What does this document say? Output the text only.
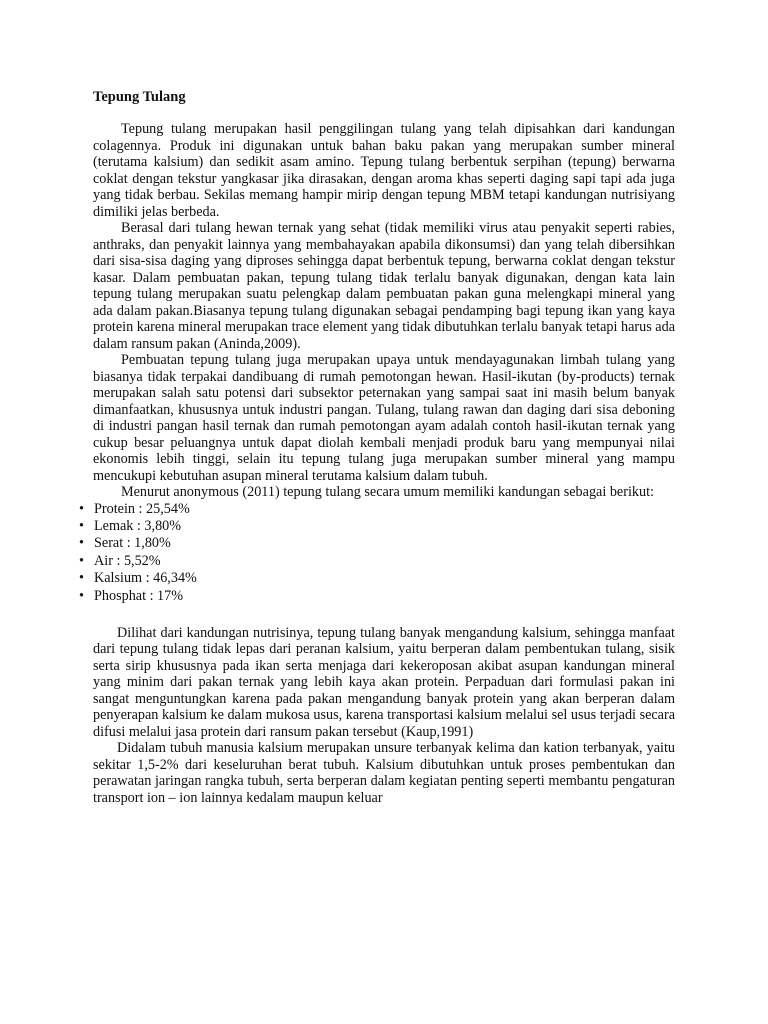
Tepung Tulang

Tepung tulang merupakan hasil penggilingan tulang yang telah dipisahkan dari kandungan colagennya. Produk ini digunakan untuk bahan baku pakan yang merupakan sumber mineral (terutama kalsium) dan sedikit asam amino. Tepung tulang berbentuk serpihan (tepung) berwarna coklat dengan tekstur yangkasar jika dirasakan, dengan aroma khas seperti daging sapi tapi ada juga yang tidak berbau. Sekilas memang hampir mirip dengan tepung MBM tetapi kandungan nutrisiyang dimiliki jelas berbeda.

Berasal dari tulang hewan ternak yang sehat (tidak memiliki virus atau penyakit seperti rabies, anthraks, dan penyakit lainnya yang membahayakan apabila dikonsumsi) dan yang telah dibersihkan dari sisa-sisa daging yang diproses sehingga dapat berbentuk tepung, berwarna coklat dengan tekstur kasar. Dalam pembuatan pakan, tepung tulang tidak terlalu banyak digunakan, dengan kata lain tepung tulang merupakan suatu pelengkap dalam pembuatan pakan guna melengkapi mineral yang ada dalam pakan.Biasanya tepung tulang digunakan sebagai pendamping bagi tepung ikan yang kaya protein karena mineral merupakan trace element yang tidak dibutuhkan terlalu banyak tetapi harus ada dalam ransum pakan (Aninda,2009).

Pembuatan tepung tulang juga merupakan upaya untuk mendayagunakan limbah tulang yang biasanya tidak terpakai dandibuang di rumah pemotongan hewan. Hasil-ikutan (by-products) ternak merupakan salah satu potensi dari subsektor peternakan yang sampai saat ini masih belum banyak dimanfaatkan, khususnya untuk industri pangan. Tulang, tulang rawan dan daging dari sisa deboning di industri pangan hasil ternak dan rumah pemotongan ayam adalah contoh hasil-ikutan ternak yang cukup besar peluangnya untuk dapat diolah kembali menjadi produk baru yang mempunyai nilai ekonomis lebih tinggi, selain itu tepung tulang juga merupakan sumber mineral yang mampu mencukupi kebutuhan asupan mineral terutama kalsium dalam tubuh.

Menurut anonymous (2011) tepung tulang secara umum memiliki kandungan sebagai berikut:

• Protein : 25,54%
• Lemak : 3,80%
• Serat : 1,80%
• Air : 5,52%
• Kalsium : 46,34%
• Phosphat : 17%

Dilihat dari kandungan nutrisinya, tepung tulang banyak mengandung kalsium, sehingga manfaat dari tepung tulang tidak lepas dari peranan kalsium, yaitu berperan dalam pembentukan tulang, sisik serta sirip khususnya pada ikan serta menjaga dari kekeroposan akibat asupan kandungan mineral yang minim dari pakan ternak yang lebih kaya akan protein. Perpaduan dari formulasi pakan ini sangat menguntungkan karena pada pakan mengandung banyak protein yang akan berperan dalam penyerapan kalsium ke dalam mukosa usus, karena transportasi kalsium melalui sel usus terjadi secara difusi melalui jasa protein dari ransum pakan tersebut (Kaup,1991)

Didalam tubuh manusia kalsium merupakan unsure terbanyak kelima dan kation terbanyak, yaitu sekitar 1,5-2% dari keseluruhan berat tubuh. Kalsium dibutuhkan untuk proses pembentukan dan perawatan jaringan rangka tubuh, serta berperan dalam kegiatan penting seperti membantu pengaturan transport ion – ion lainnya kedalam maupun keluar
